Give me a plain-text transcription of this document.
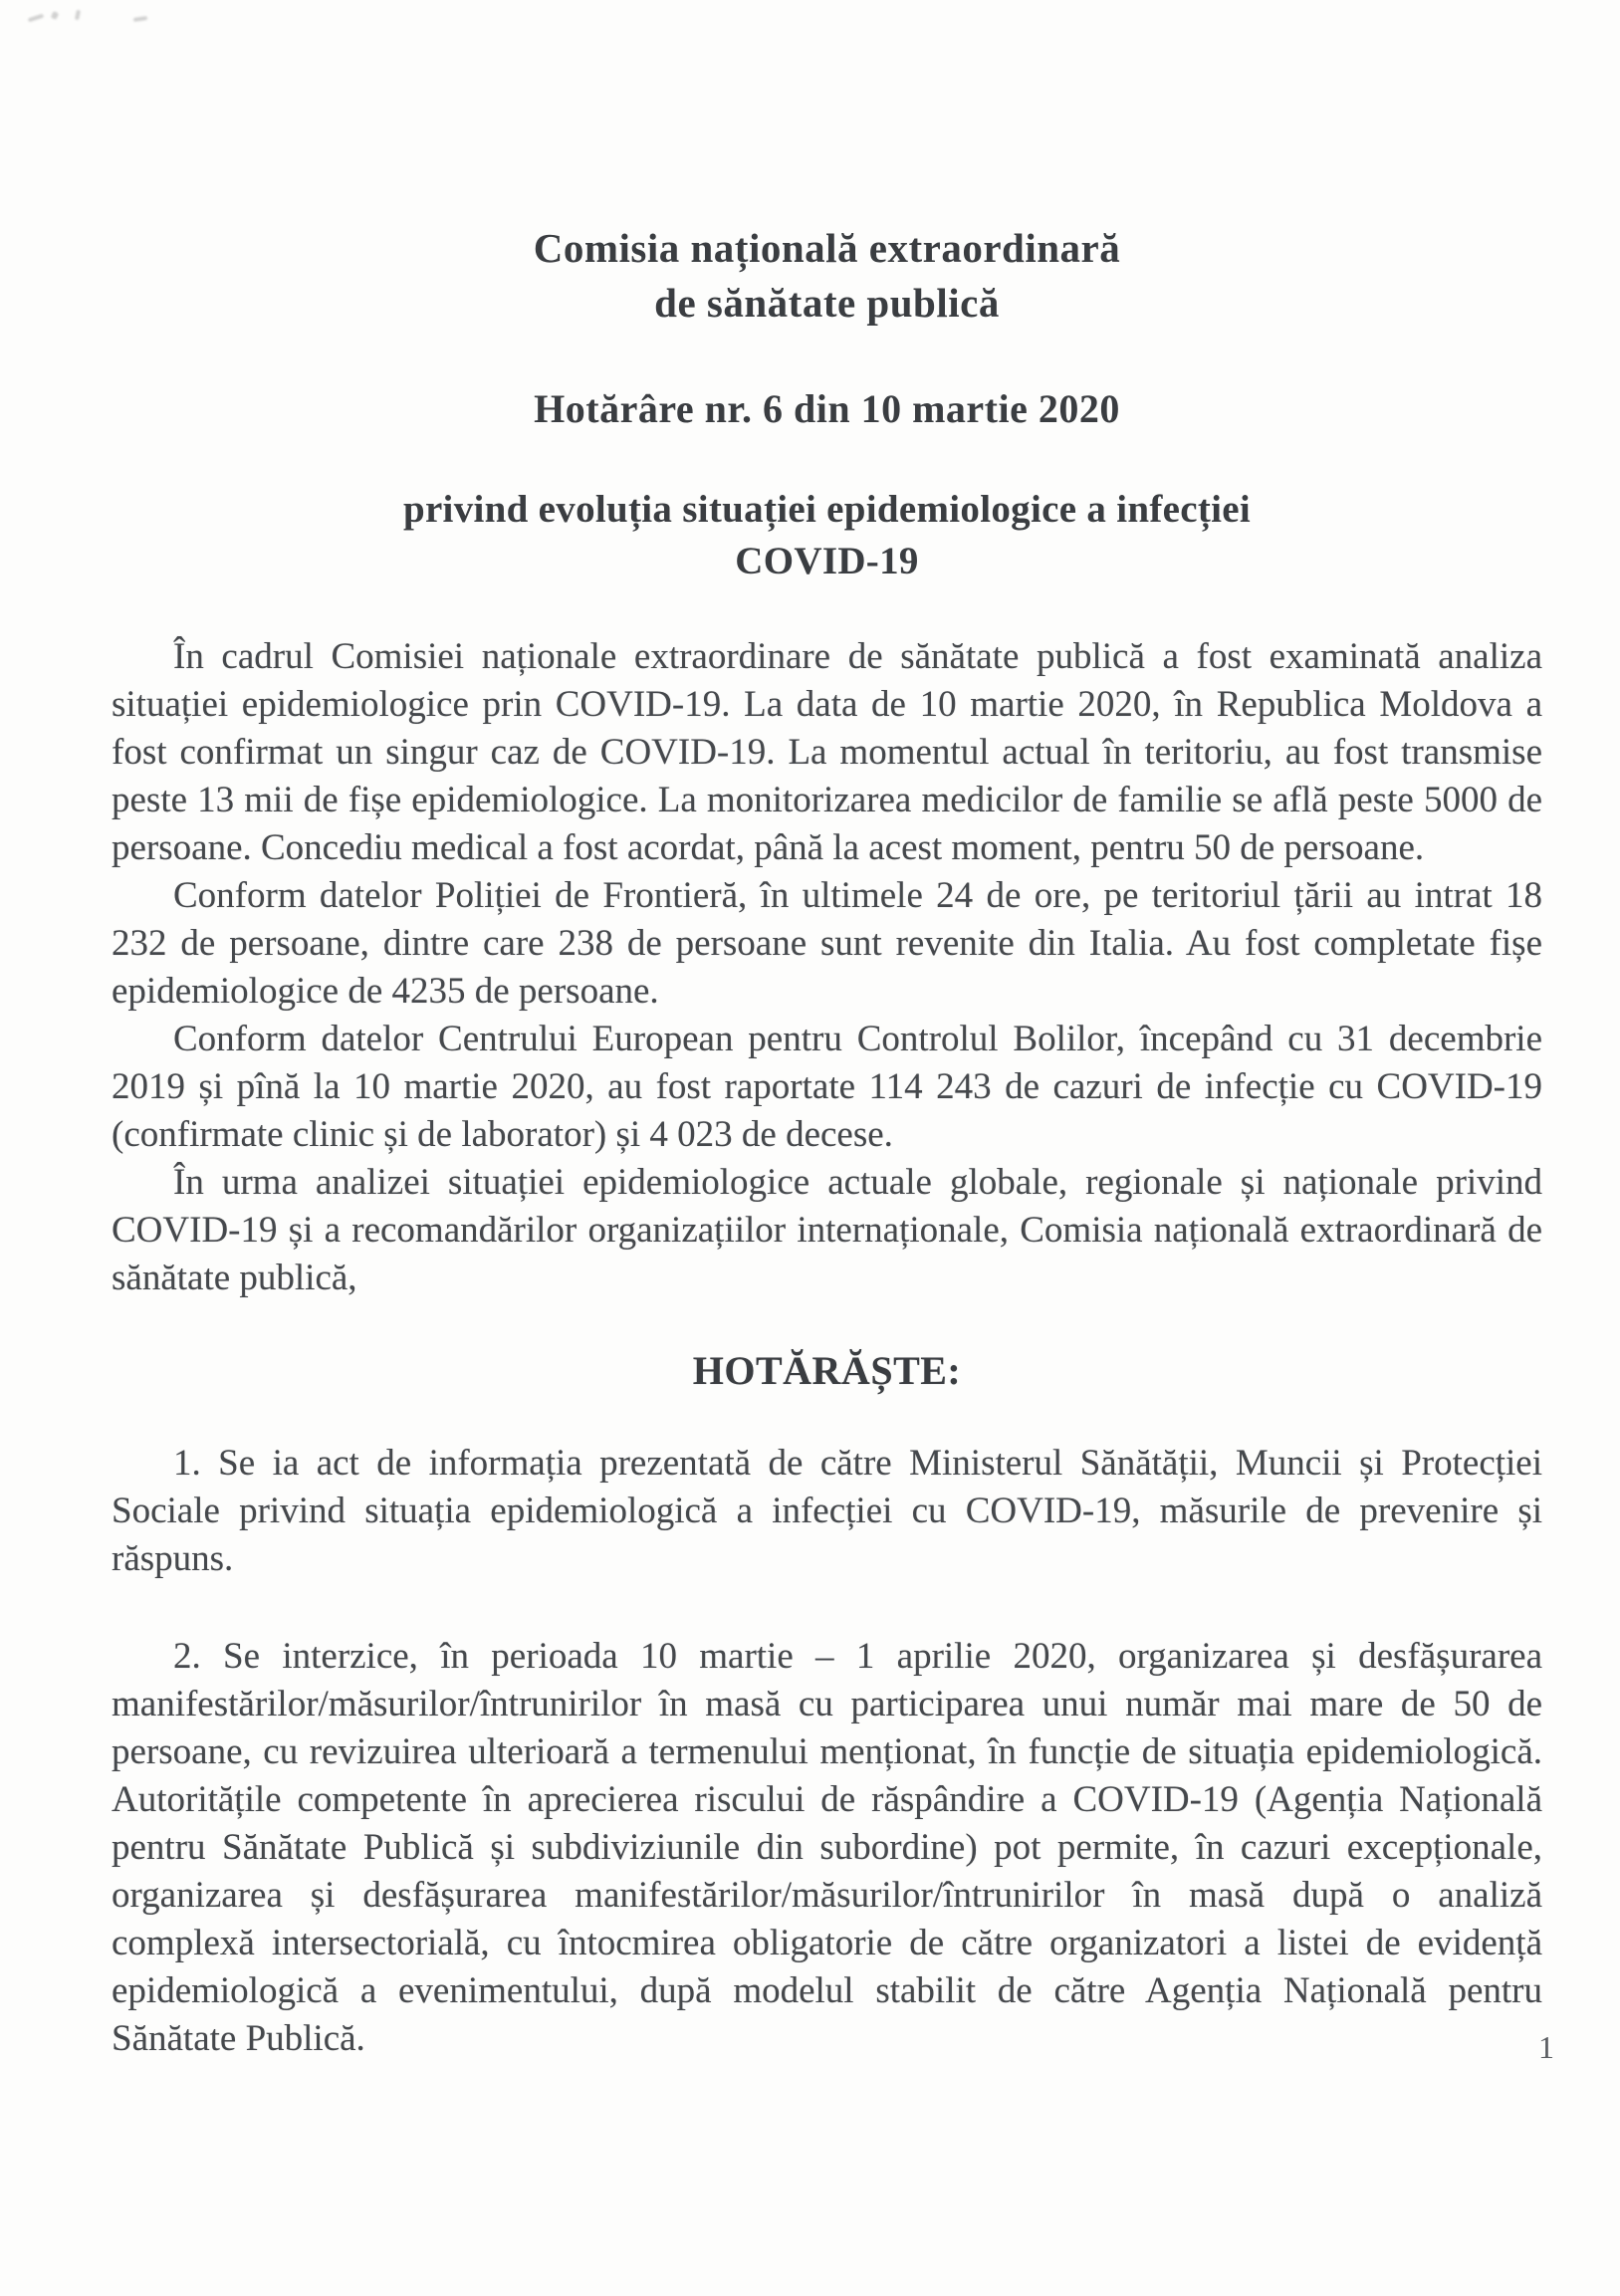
Comisia națională extraordinară
de sănătate publică
Hotărâre nr. 6 din 10 martie 2020
privind evoluția situației epidemiologice a infecției
COVID-19

În cadrul Comisiei naționale extraordinare de sănătate publică a fost examinată analiza situației epidemiologice prin COVID-19. La data de 10 martie 2020, în Republica Moldova a fost confirmat un singur caz de COVID-19. La momentul actual în teritoriu, au fost transmise peste 13 mii de fișe epidemiologice. La monitorizarea medicilor de familie se află peste 5000 de persoane. Concediu medical a fost acordat, până la acest moment, pentru 50 de persoane.

Conform datelor Poliției de Frontieră, în ultimele 24 de ore, pe teritoriul țării au intrat 18 232 de persoane, dintre care 238 de persoane sunt revenite din Italia. Au fost completate fișe epidemiologice de 4235 de persoane.

Conform datelor Centrului European pentru Controlul Bolilor, începând cu 31 decembrie 2019 și pînă la 10 martie 2020, au fost raportate 114 243 de cazuri de infecție cu COVID-19 (confirmate clinic și de laborator) și 4 023 de decese.

În urma analizei situației epidemiologice actuale globale, regionale și naționale privind COVID-19 și a recomandărilor organizațiilor internaționale, Comisia națională extraordinară de sănătate publică,

HOTĂRĂȘTE:

1. Se ia act de informația prezentată de către Ministerul Sănătății, Muncii și Protecției Sociale privind situația epidemiologică a infecției cu COVID-19, măsurile de prevenire și răspuns.

2. Se interzice, în perioada 10 martie – 1 aprilie 2020, organizarea și desfășurarea manifestărilor/măsurilor/întrunirilor în masă cu participarea unui număr mai mare de 50 de persoane, cu revizuirea ulterioară a termenului menționat, în funcție de situația epidemiologică. Autoritățile competente în aprecierea riscului de răspândire a COVID-19 (Agenția Națională pentru Sănătate Publică și subdiviziunile din subordine) pot permite, în cazuri excepționale, organizarea și desfășurarea manifestărilor/măsurilor/întrunirilor în masă după o analiză complexă intersectorială, cu întocmirea obligatorie de către organizatori a listei de evidență epidemiologică a evenimentului, după modelul stabilit de către Agenția Națională pentru Sănătate Publică.	1
